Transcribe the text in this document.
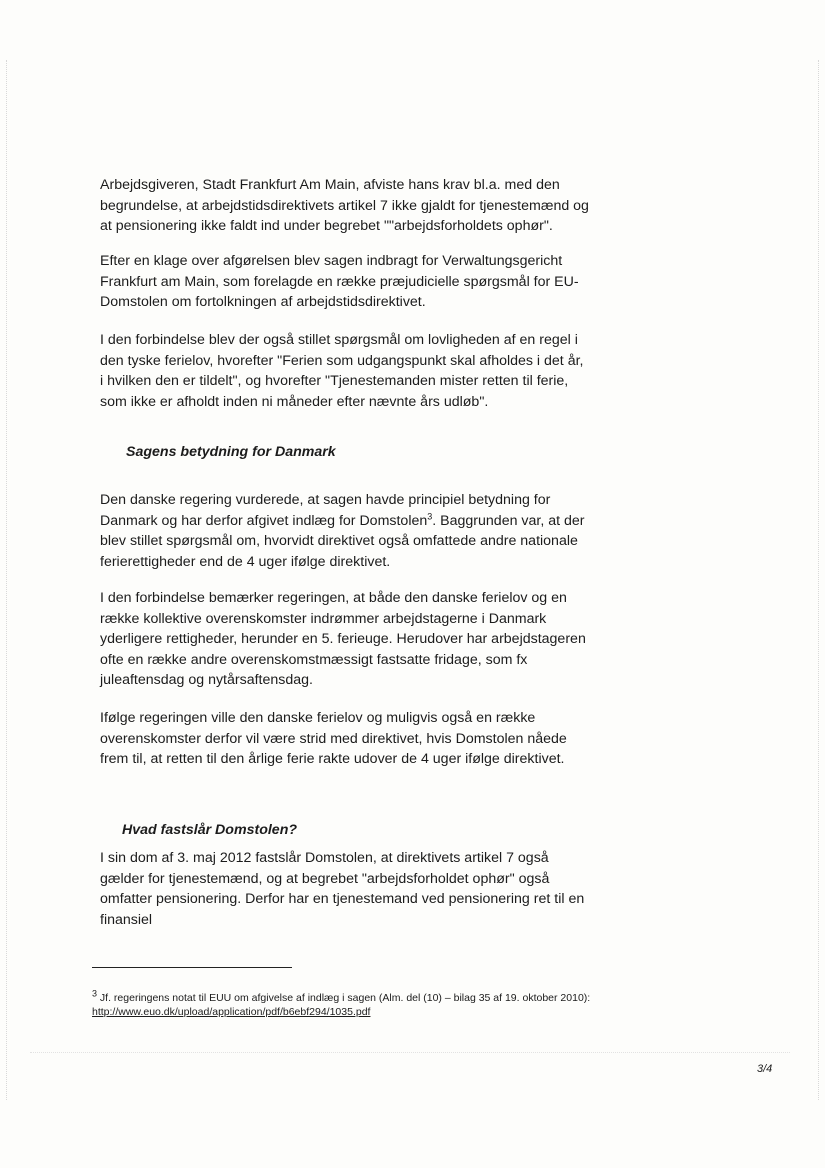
Arbejdsgiveren, Stadt Frankfurt Am Main, afviste hans krav bl.a. med den begrundelse, at arbejdstidsdirektivets artikel 7 ikke gjaldt for tjenestemænd og at pensionering ikke faldt ind under begrebet ""arbejdsforholdets ophør".

Efter en klage over afgørelsen blev sagen indbragt for Verwaltungsgericht Frankfurt am Main, som forelagde en række præjudicielle spørgsmål for EU-Domstolen om fortolkningen af arbejdstidsdirektivet.

I den forbindelse blev der også stillet spørgsmål om lovligheden af en regel i den tyske ferielov, hvorefter "Ferien som udgangspunkt skal afholdes i det år, i hvilken den er tildelt", og hvorefter "Tjenestemanden mister retten til ferie, som ikke er afholdt inden ni måneder efter nævnte års udløb".

Sagens betydning for Danmark

Den danske regering vurderede, at sagen havde principiel betydning for Danmark og har derfor afgivet indlæg for Domstolen$^3$. Baggrunden var, at der blev stillet spørgsmål om, hvorvidt direktivet også omfattede andre nationale ferierettigheder end de 4 uger ifølge direktivet.

I den forbindelse bemærker regeringen, at både den danske ferielov og en række kollektive overenskomster indrømmer arbejdstagerne i Danmark yderligere rettigheder, herunder en 5. ferieuge. Herudover har arbejdstageren ofte en række andre overenskomstmæssigt fastsatte fridage, som fx juleaftensdag og nytårsaftensdag.

Ifølge regeringen ville den danske ferielov og muligvis også en række overenskomster derfor vil være strid med direktivet, hvis Domstolen nåede frem til, at retten til den årlige ferie rakte udover de 4 uger ifølge direktivet.

Hvad fastslår Domstolen?

I sin dom af 3. maj 2012 fastslår Domstolen, at direktivets artikel 7 også gælder for tjenestemænd, og at begrebet "arbejdsforholdet ophør" også omfatter pensionering. Derfor har en tjenestemand ved pensionering ret til en finansiel

$^3$ Jf. regeringens notat til EUU om afgivelse af indlæg i sagen (Alm. del (10) – bilag 35 af 19. oktober 2010): http://www.euo.dk/upload/application/pdf/b6ebf294/1035.pdf

3/4
